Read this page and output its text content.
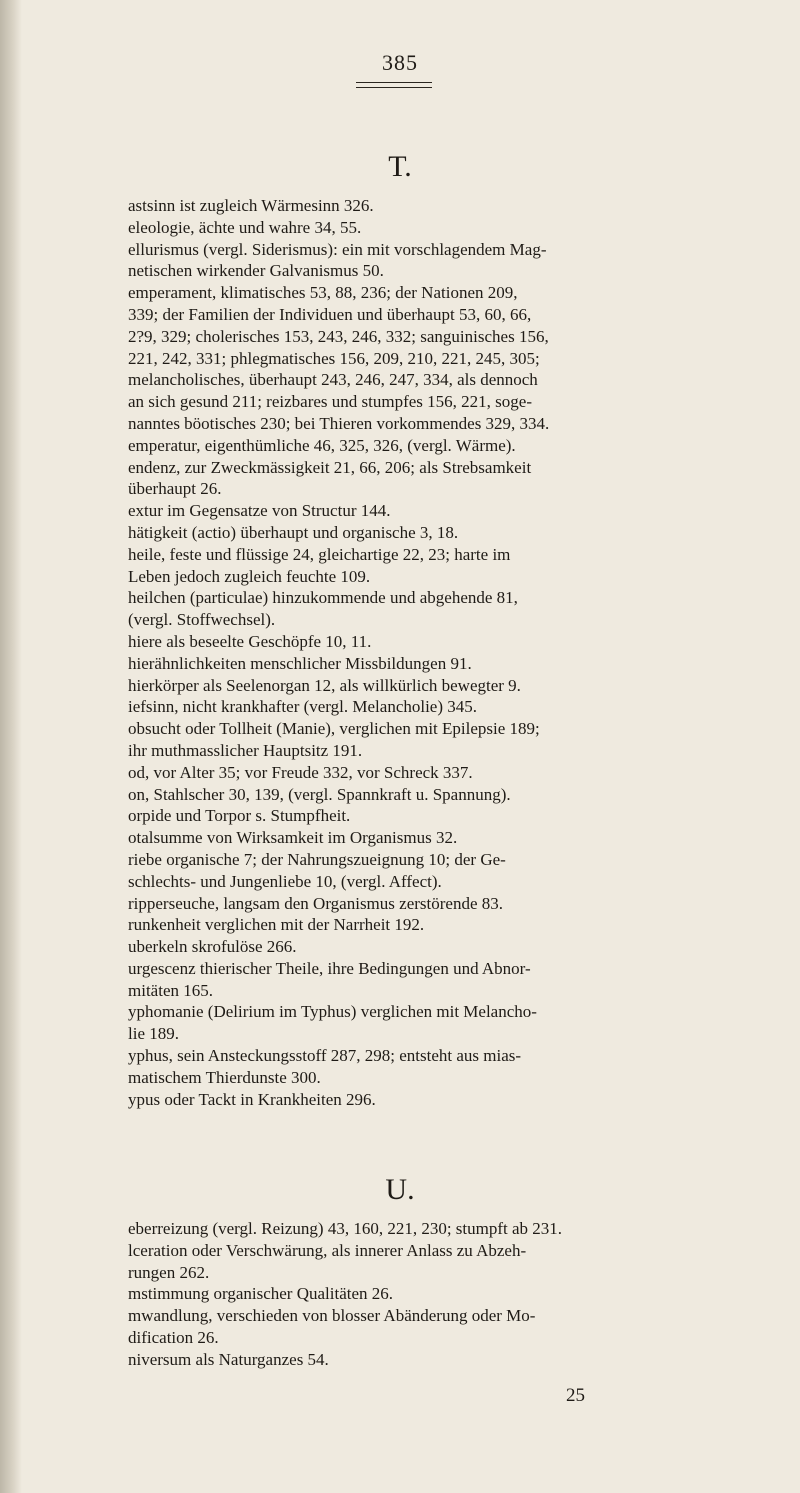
385
T.

astsinn ist zugleich Wärmesinn 326.

eleologie, ächte und wahre 34, 55.

ellurismus (vergl. Siderismus): ein mit vorschlagendem Mag-

netischen wirkender Galvanismus 50.

emperament, klimatisches 53, 88, 236; der Nationen 209,

339; der Familien der Individuen und überhaupt 53, 60, 66,

2?9, 329; cholerisches 153, 243, 246, 332; sanguinisches 156,

221, 242, 331; phlegmatisches 156, 209, 210, 221, 245, 305;

melancholisches, überhaupt 243, 246, 247, 334, als dennoch

an sich gesund 211; reizbares und stumpfes 156, 221, soge-

nanntes böotisches 230; bei Thieren vorkommendes 329, 334.

emperatur, eigenthümliche 46, 325, 326, (vergl. Wärme).

endenz, zur Zweckmässigkeit 21, 66, 206; als Strebsamkeit

überhaupt 26.

extur im Gegensatze von Structur 144.

hätigkeit (actio) überhaupt und organische 3, 18.

heile, feste und flüssige 24, gleichartige 22, 23; harte im

Leben jedoch zugleich feuchte 109.

heilchen (particulae) hinzukommende und abgehende 81,

(vergl. Stoffwechsel).

hiere als beseelte Geschöpfe 10, 11.

hierähnlichkeiten menschlicher Missbildungen 91.

hierkörper als Seelenorgan 12, als willkürlich bewegter 9.

iefsinn, nicht krankhafter (vergl. Melancholie) 345.

obsucht oder Tollheit (Manie), verglichen mit Epilepsie 189;

ihr muthmasslicher Hauptsitz 191.

od, vor Alter 35; vor Freude 332, vor Schreck 337.

on, Stahlscher 30, 139, (vergl. Spannkraft u. Spannung).

orpide und Torpor s. Stumpfheit.

otalsumme von Wirksamkeit im Organismus 32.

riebe organische 7; der Nahrungszueignung 10; der Ge-

schlechts- und Jungenliebe 10, (vergl. Affect).

ripperseuche, langsam den Organismus zerstörende 83.

runkenheit verglichen mit der Narrheit 192.

uberkeln skrofulöse 266.

urgescenz thierischer Theile, ihre Bedingungen und Abnor-

mitäten 165.

yphomanie (Delirium im Typhus) verglichen mit Melancho-

lie 189.

yphus, sein Ansteckungsstoff 287, 298; entsteht aus mias-

matischem Thierdunste 300.

ypus oder Tackt in Krankheiten 296.

U.

eberreizung (vergl. Reizung) 43, 160, 221, 230; stumpft ab 231.

lceration oder Verschwärung, als innerer Anlass zu Abzeh-

rungen 262.

mstimmung organischer Qualitäten 26.

mwandlung, verschieden von blosser Abänderung oder Mo-

dification 26.

niversum als Naturganzes 54.

25
